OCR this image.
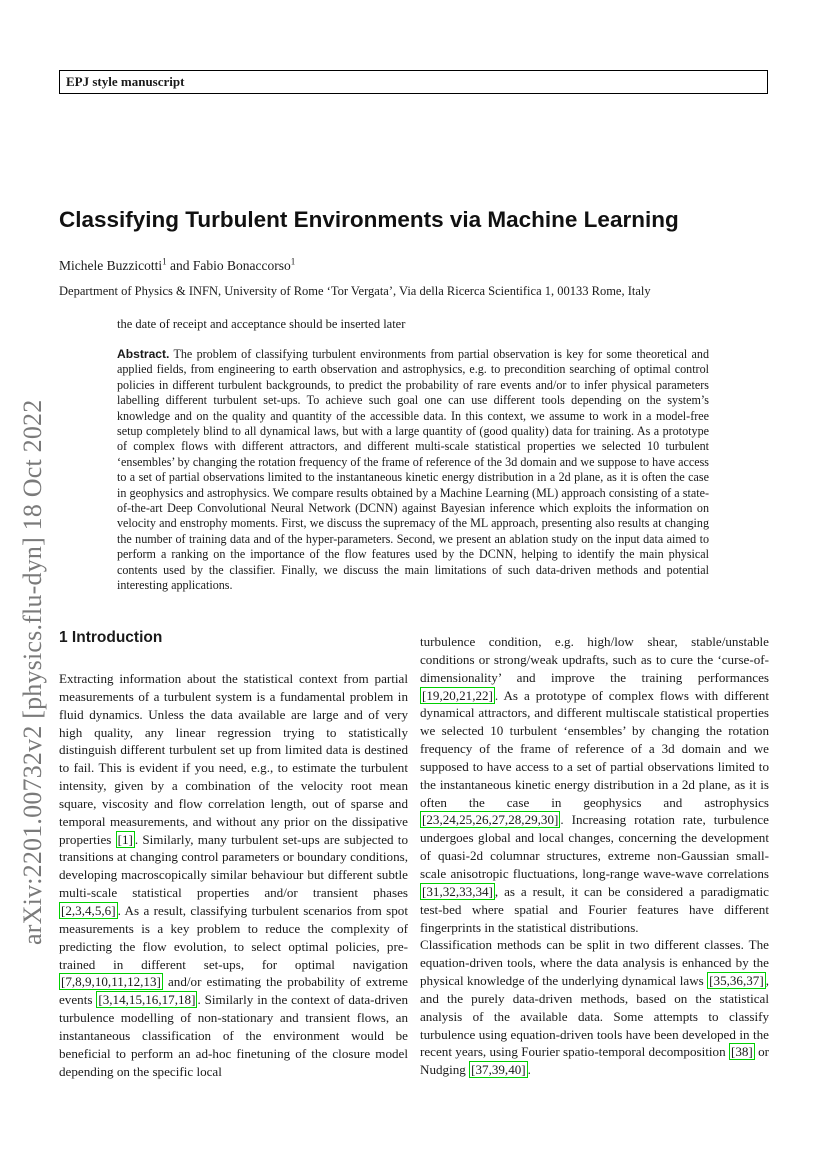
EPJ style manuscript
arXiv:2201.00732v2 [physics.flu-dyn] 18 Oct 2022
Classifying Turbulent Environments via Machine Learning
Michele Buzzicotti$^1$ and Fabio Bonaccorso$^1$
Department of Physics & INFN, University of Rome ‘Tor Vergata’, Via della Ricerca Scientifica 1, 00133 Rome, Italy
the date of receipt and acceptance should be inserted later
Abstract. The problem of classifying turbulent environments from partial observation is key for some theoretical and applied fields, from engineering to earth observation and astrophysics, e.g. to precondition searching of optimal control policies in different turbulent backgrounds, to predict the probability of rare events and/or to infer physical parameters labelling different turbulent set-ups. To achieve such goal one can use different tools depending on the system’s knowledge and on the quality and quantity of the accessible data. In this context, we assume to work in a model-free setup completely blind to all dynamical laws, but with a large quantity of (good quality) data for training. As a prototype of complex flows with different attractors, and different multi-scale statistical properties we selected 10 turbulent ‘ensembles’ by changing the rotation frequency of the frame of reference of the 3d domain and we suppose to have access to a set of partial observations limited to the instantaneous kinetic energy distribution in a 2d plane, as it is often the case in geophysics and astrophysics. We compare results obtained by a Machine Learning (ML) approach consisting of a state-of-the-art Deep Convolutional Neural Network (DCNN) against Bayesian inference which exploits the information on velocity and enstrophy moments. First, we discuss the supremacy of the ML approach, presenting also results at changing the number of training data and of the hyper-parameters. Second, we present an ablation study on the input data aimed to perform a ranking on the importance of the flow features used by the DCNN, helping to identify the main physical contents used by the classifier. Finally, we discuss the main limitations of such data-driven methods and potential interesting applications.
1 Introduction

Extracting information about the statistical context from partial measurements of a turbulent system is a fundamental problem in fluid dynamics. Unless the data available are large and of very high quality, any linear regression trying to statistically distinguish different turbulent set up from limited data is destined to fail. This is evident if you need, e.g., to estimate the turbulent intensity, given by a combination of the velocity root mean square, viscosity and flow correlation length, out of sparse and temporal measurements, and without any prior on the dissipative properties [1] . Similarly, many turbulent set-ups are subjected to transitions at changing control parameters or boundary conditions, developing macroscopically similar behaviour but different subtle multi-scale statistical properties and/or transient phases [2,3,4,5,6] . As a result, classifying turbulent scenarios from spot measurements is a key problem to reduce the complexity of predicting the flow evolution, to select optimal policies, pre-trained in different set-ups, for optimal navigation [7,8,9,10,11,12,13] and/or estimating the probability of extreme events [3,14,15,16,17,18] . Similarly in the context of data-driven turbulence modelling of non-stationary and transient flows, an instantaneous classification of the environment would be beneficial to perform an ad-hoc finetuning of the closure model depending on the specific local

turbulence condition, e.g. high/low shear, stable/unstable conditions or strong/weak updrafts, such as to cure the ‘curse-of-dimensionality’ and improve the training performances [19,20,21,22] . As a prototype of complex flows with different dynamical attractors, and different multiscale statistical properties we selected 10 turbulent ‘ensembles’ by changing the rotation frequency of the frame of reference of a 3d domain and we supposed to have access to a set of partial observations limited to the instantaneous kinetic energy distribution in a 2d plane, as it is often the case in geophysics and astrophysics [23,24,25,26,27,28,29,30] . Increasing rotation rate, turbulence undergoes global and local changes, concerning the development of quasi-2d columnar structures, extreme non-Gaussian small-scale anisotropic fluctuations, long-range wave-wave correlations [31,32,33,34] , as a result, it can be considered a paradigmatic test-bed where spatial and Fourier features have different fingerprints in the statistical distributions.

Classification methods can be split in two different classes. The equation-driven tools, where the data analysis is enhanced by the physical knowledge of the underlying dynamical laws [35,36,37] , and the purely data-driven methods, based on the statistical analysis of the available data. Some attempts to classify turbulence using equation-driven tools have been developed in the recent years, using Fourier spatio-temporal decomposition [38] or Nudging [37,39,40] .
